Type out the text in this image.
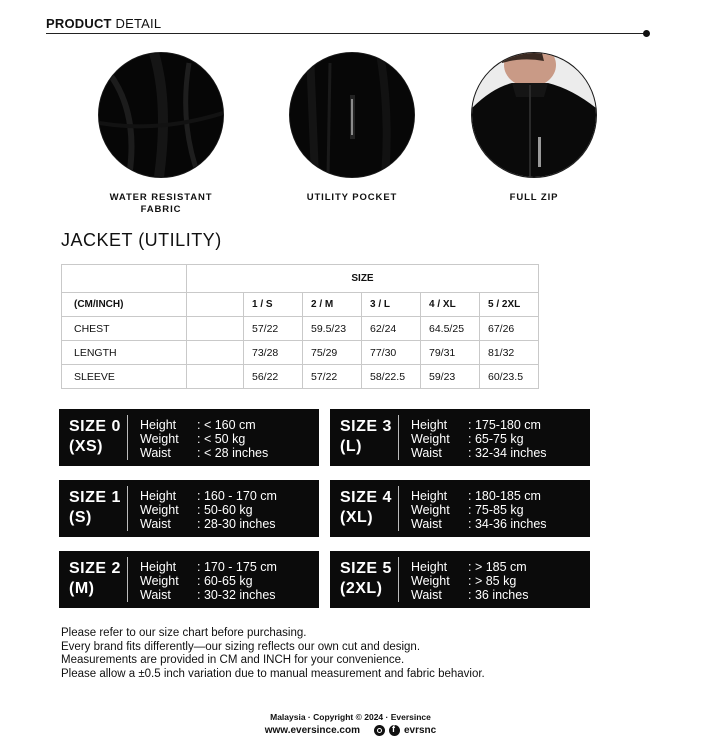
PRODUCT DETAIL
WATER RESISTANT FABRIC
UTILITY POCKET	FULL ZIP
JACKET (UTILITY)
	SIZE					
(CM/INCH)		1 / S	2 / M	3 / L	4 / XL	5 / 2XL
CHEST		57/22	59.5/23	62/24	64.5/25	67/26
LENGTH		73/28	75/29	77/30	79/31	81/32
SLEEVE		56/22	57/22	58/22.5	59/23	60/23.5
SIZE 0
(XS)
Height	: < 160 cm
Weight	: < 50 kg
Waist	: < 28 inches
SIZE 3
(L)
Height	: 175-180 cm
Weight	: 65-75 kg
Waist	: 32-34 inches
SIZE 1
(S)
Height	: 160 - 170 cm
Weight	: 50-60 kg
Waist	: 28-30 inches
SIZE 4
(XL)
Height	: 180-185 cm
Weight	: 75-85 kg
Waist	: 34-36 inches
SIZE 2
(M)
Height	: 170 - 175 cm
Weight	: 60-65 kg
Waist	: 30-32 inches
SIZE 5
(2XL)
Height	: > 185 cm
Weight	: > 85 kg
Waist	: 36 inches
Please refer to our size chart before purchasing.
Every brand fits differently—our sizing reflects our own cut and design.
Measurements are provided in CM and INCH for your convenience.
Please allow a ±0.5 inch variation due to manual measurement and fabric behavior.
Malaysia · Copyright © 2024 · Eversince
www.eversince.com f	evrsnc
